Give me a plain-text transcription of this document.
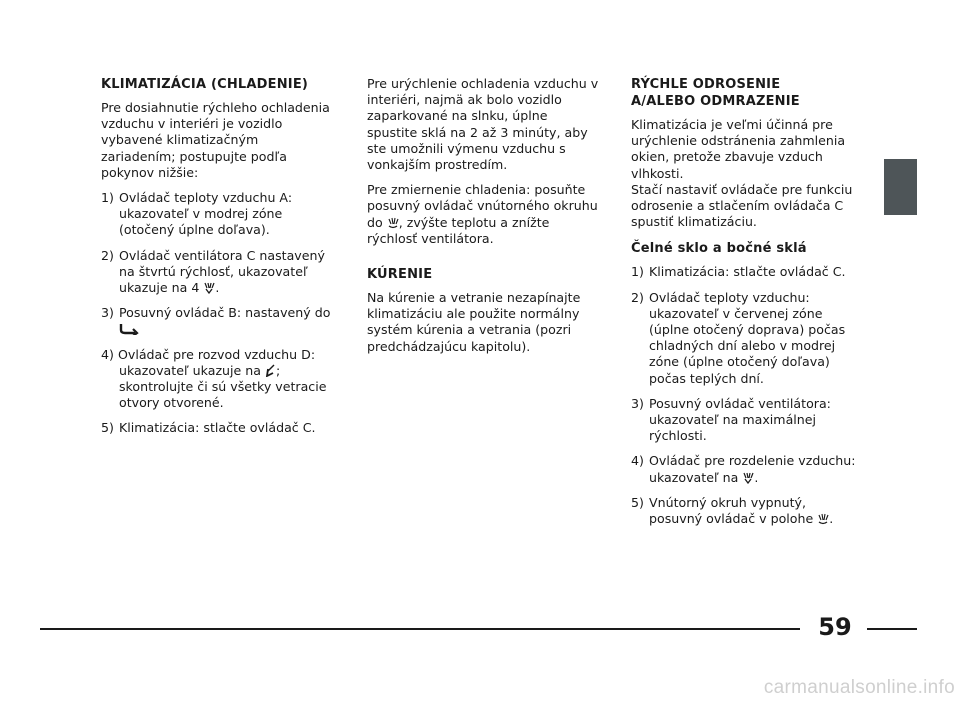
KLIMATIZÁCIA (CHLADENIE)
Pre dosiahnutie rýchleho ochladenia vzduchu v interiéri je vozidlo vybavené klimatizačným zariadením; postupujte podľa pokynov nižšie:
1) Ovládač teploty vzduchu A: ukazovateľ v modrej zóne (otočený úplne doľava).
2) Ovládač ventilátora C nastavený na štvrtú rýchlosť, ukazovateľ ukazuje na 4 .
3) Posuvný ovládač B: nastavený do

4) Ovládač pre rozvod vzduchu D: ukazovateľ ukazuje na ; skontrolujte či sú všetky vetracie otvory otvorené.
5) Klimatizácia: stlačte ovládač C.
Pre urýchlenie ochladenia vzduchu v interiéri, najmä ak bolo vozidlo zaparkované na slnku, úplne spustite sklá na 2 až 3 minúty, aby ste umožnili výmenu vzduchu s vonkajším prostredím.
Pre zmiernenie chladenia: posuňte posuvný ovládač vnútorného okruhu do , zvýšte teplotu a znížte rýchlosť ventilátora.
KÚRENIE
Na kúrenie a vetranie nezapínajte klimatizáciu ale použite normálny systém kúrenia a vetrania (pozri predchádzajúcu kapitolu).
RÝCHLE ODROSENIE
A/ALEBO ODMRAZENIE
Klimatizácia je veľmi účinná pre urýchlenie odstránenia zahmlenia okien, pretože zbavuje vzduch vlhkosti.
Stačí nastaviť ovládače pre funkciu odrosenie a stlačením ovládača C spustiť klimatizáciu.
Čelné sklo a bočné sklá
1) Klimatizácia: stlačte ovládač C.
2) Ovládač teploty vzduchu: ukazovateľ v červenej zóne (úplne otočený doprava) počas chladných dní alebo v modrej zóne (úplne otočený doľava) počas teplých dní.
3) Posuvný ovládač ventilátora: ukazovateľ na maximálnej rýchlosti.
4) Ovládač pre rozdelenie vzduchu: ukazovateľ na .
5) Vnútorný okruh vypnutý, posuvný ovládač v polohe .
59
carmanualsonline.info
